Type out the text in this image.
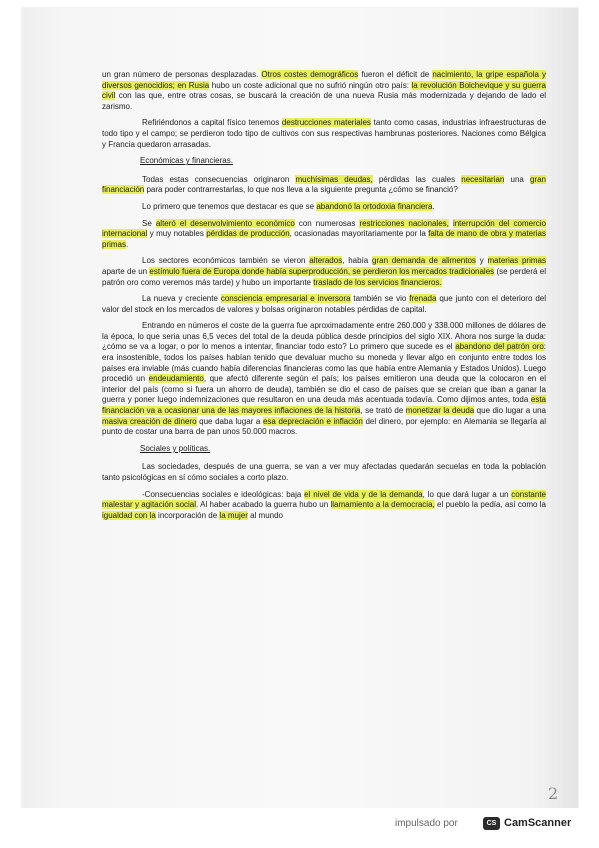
un gran número de personas desplazadas. Otros costes demográficos fueron el déficit de nacimiento, la gripe española y diversos genocidios; en Rusia hubo un coste adicional que no sufrió ningún otro país: la revolución Bolchevique y su guerra civil con las que, entre otras cosas, se buscará la creación de una nueva Rusia más modernizada y dejando de lado el zarismo.

Refiriéndonos a capital físico tenemos destrucciones materiales tanto como casas, industrias infraestructuras de todo tipo y el campo; se perdieron todo tipo de cultivos con sus respectivas hambrunas posteriores. Naciones como Bélgica y Francia quedaron arrasadas.

Económicas y financieras.

Todas estas consecuencias originaron muchísimas deudas, pérdidas las cuales necesitarian una gran financiación para poder contrarrestarlas, lo que nos lleva a la siguiente pregunta ¿cómo se financió?

Lo primero que tenemos que destacar es que se abandonó la ortodoxia financiera.

Se alteró el desenvolvimiento económico con numerosas restricciones nacionales, interrupción del comercio internacional y muy notables pérdidas de producción, ocasionadas mayoritariamente por la falta de mano de obra y materias primas.

Los sectores económicos también se vieron alterados, había gran demanda de alimentos y materias primas aparte de un estímulo fuera de Europa donde había superproducción, se perdieron los mercados tradicionales (se perderá el patrón oro como veremos más tarde) y hubo un importante traslado de los servicios financieros.

La nueva y creciente consciencia empresarial e inversora también se vio frenada que junto con el deterioro del valor del stock en los mercados de valores y bolsas originaron notables pérdidas de capital.

Entrando en números el coste de la guerra fue aproximadamente entre 260.000 y 338.000 millones de dólares de la época, lo que seria unas 6,5 veces del total de la deuda pública desde principios del siglo XIX. Ahora nos surge la duda: ¿cómo se va a logar, o por lo menos a intentar, financiar todo esto? Lo primero que sucede es el abandono del patrón oro: era insostenible, todos los países habían tenido que devaluar mucho su moneda y llevar algo en conjunto entre todos los países era inviable (más cuando había diferencias financieras como las que había entre Alemania y Estados Unidos). Luego procedió un endeudamiento, que afectó diferente según el país; los países emitieron una deuda que la colocaron en el interior del país (como si fuera un ahorro de deuda), también se dio el caso de países que se creían que iban a ganar la guerra y poner luego indemnizaciones que resultaron en una deuda más acentuada todavía. Como dijimos antes, toda esta financiación va a ocasionar una de las mayores inflaciones de la historia, se trató de monetizar la deuda que dio lugar a una masiva creación de dinero que daba lugar a esa depreciación e inflación del dinero, por ejemplo: en Alemania se llegaría al punto de costar una barra de pan unos 50.000 macros.

Sociales y políticas.

Las sociedades, después de una guerra, se van a ver muy afectadas quedarán secuelas en toda la población tanto psicológicas en sí cómo sociales a corto plazo.

-Consecuencias sociales e ideológicas: baja el nivel de vida y de la demanda, lo que dará lugar a un constante malestar y agitación social. Al haber acabado la guerra hubo un llamamiento a la democracia, el pueblo la pedía, así como la igualdad con la incorporación de la mujer al mundo

2
impulsado por	CS CamScanner
